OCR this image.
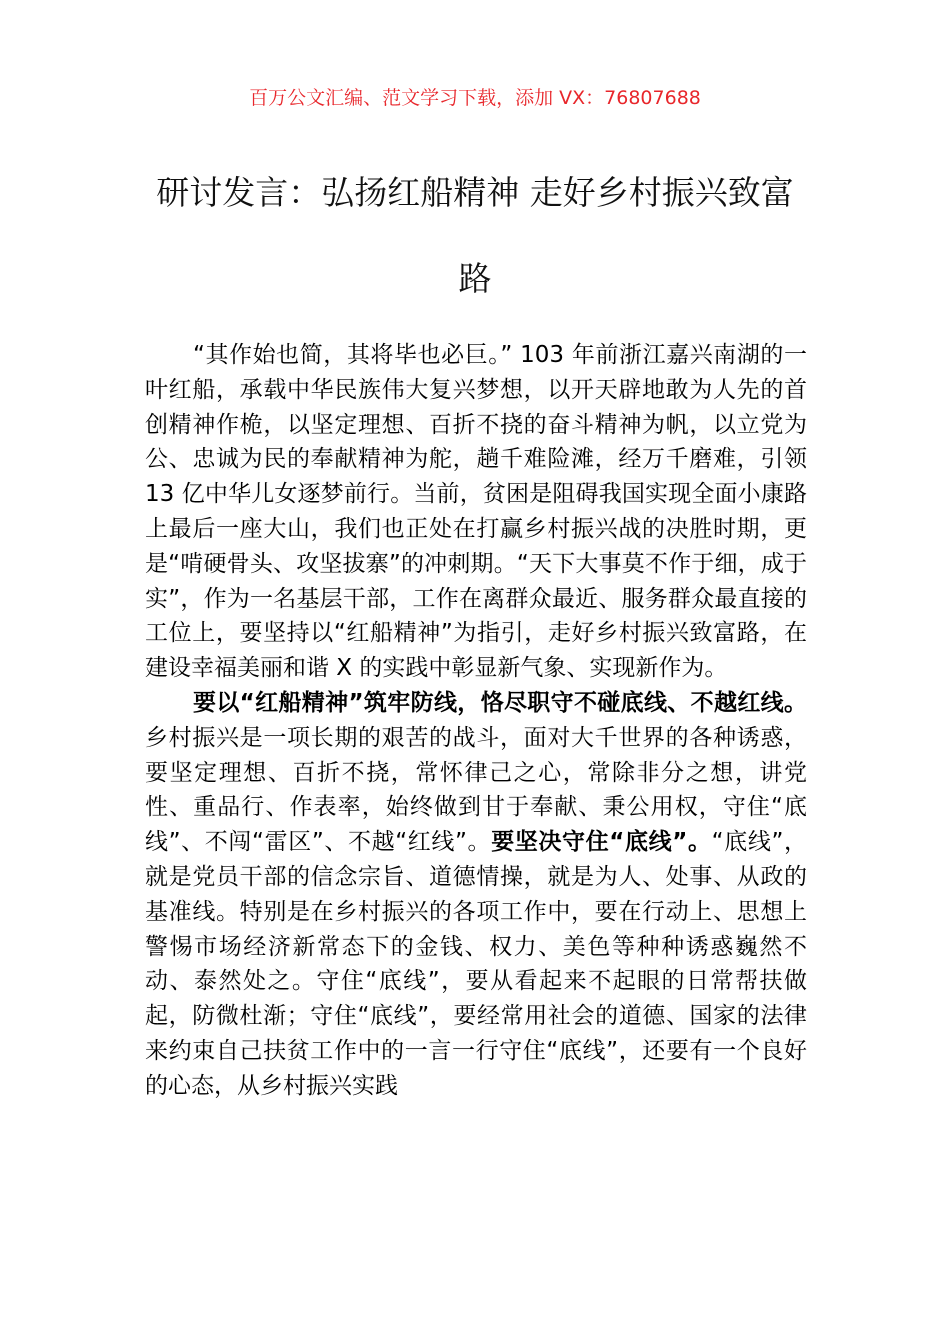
百万公文汇编、范文学习下载，添加 VX：76807688
研讨发言：弘扬红船精神 走好乡村振兴致富路

“其作始也简，其将毕也必巨。” 103 年前浙江嘉兴南湖的一叶红船，承载中华民族伟大复兴梦想，以开天辟地敢为人先的首创精神作桅，以坚定理想、百折不挠的奋斗精神为帆，以立党为公、忠诚为民的奉献精神为舵，趟千难险滩，经万千磨难，引领 13 亿中华儿女逐梦前行。当前，贫困是阻碍我国实现全面小康路上最后一座大山，我们也正处在打赢乡村振兴战的决胜时期，更是“啃硬骨头、攻坚拔寨”的冲刺期。“天下大事莫不作于细，成于实”，作为一名基层干部，工作在离群众最近、服务群众最直接的工位上，要坚持以“红船精神”为指引，走好乡村振兴致富路，在建设幸福美丽和谐 X 的实践中彰显新气象、实现新作为。

要以“红船精神”筑牢防线，恪尽职守不碰底线、不越红线。乡村振兴是一项长期的艰苦的战斗，面对大千世界的各种诱惑，要坚定理想、百折不挠，常怀律己之心，常除非分之想，讲党性、重品行、作表率，始终做到甘于奉献、秉公用权，守住“底线”、不闯“雷区”、不越“红线”。要坚决守住“底线”。“底线”，就是党员干部的信念宗旨、道德情操，就是为人、处事、从政的基准线。特别是在乡村振兴的各项工作中，要在行动上、思想上警惕市场经济新常态下的金钱、权力、美色等种种诱惑巍然不动、泰然处之。守住“底线”，要从看起来不起眼的日常帮扶做起，防微杜渐；守住“底线”，要经常用社会的道德、国家的法律来约束自己扶贫工作中的一言一行守住“底线”，还要有一个良好的心态，从乡村振兴实践
